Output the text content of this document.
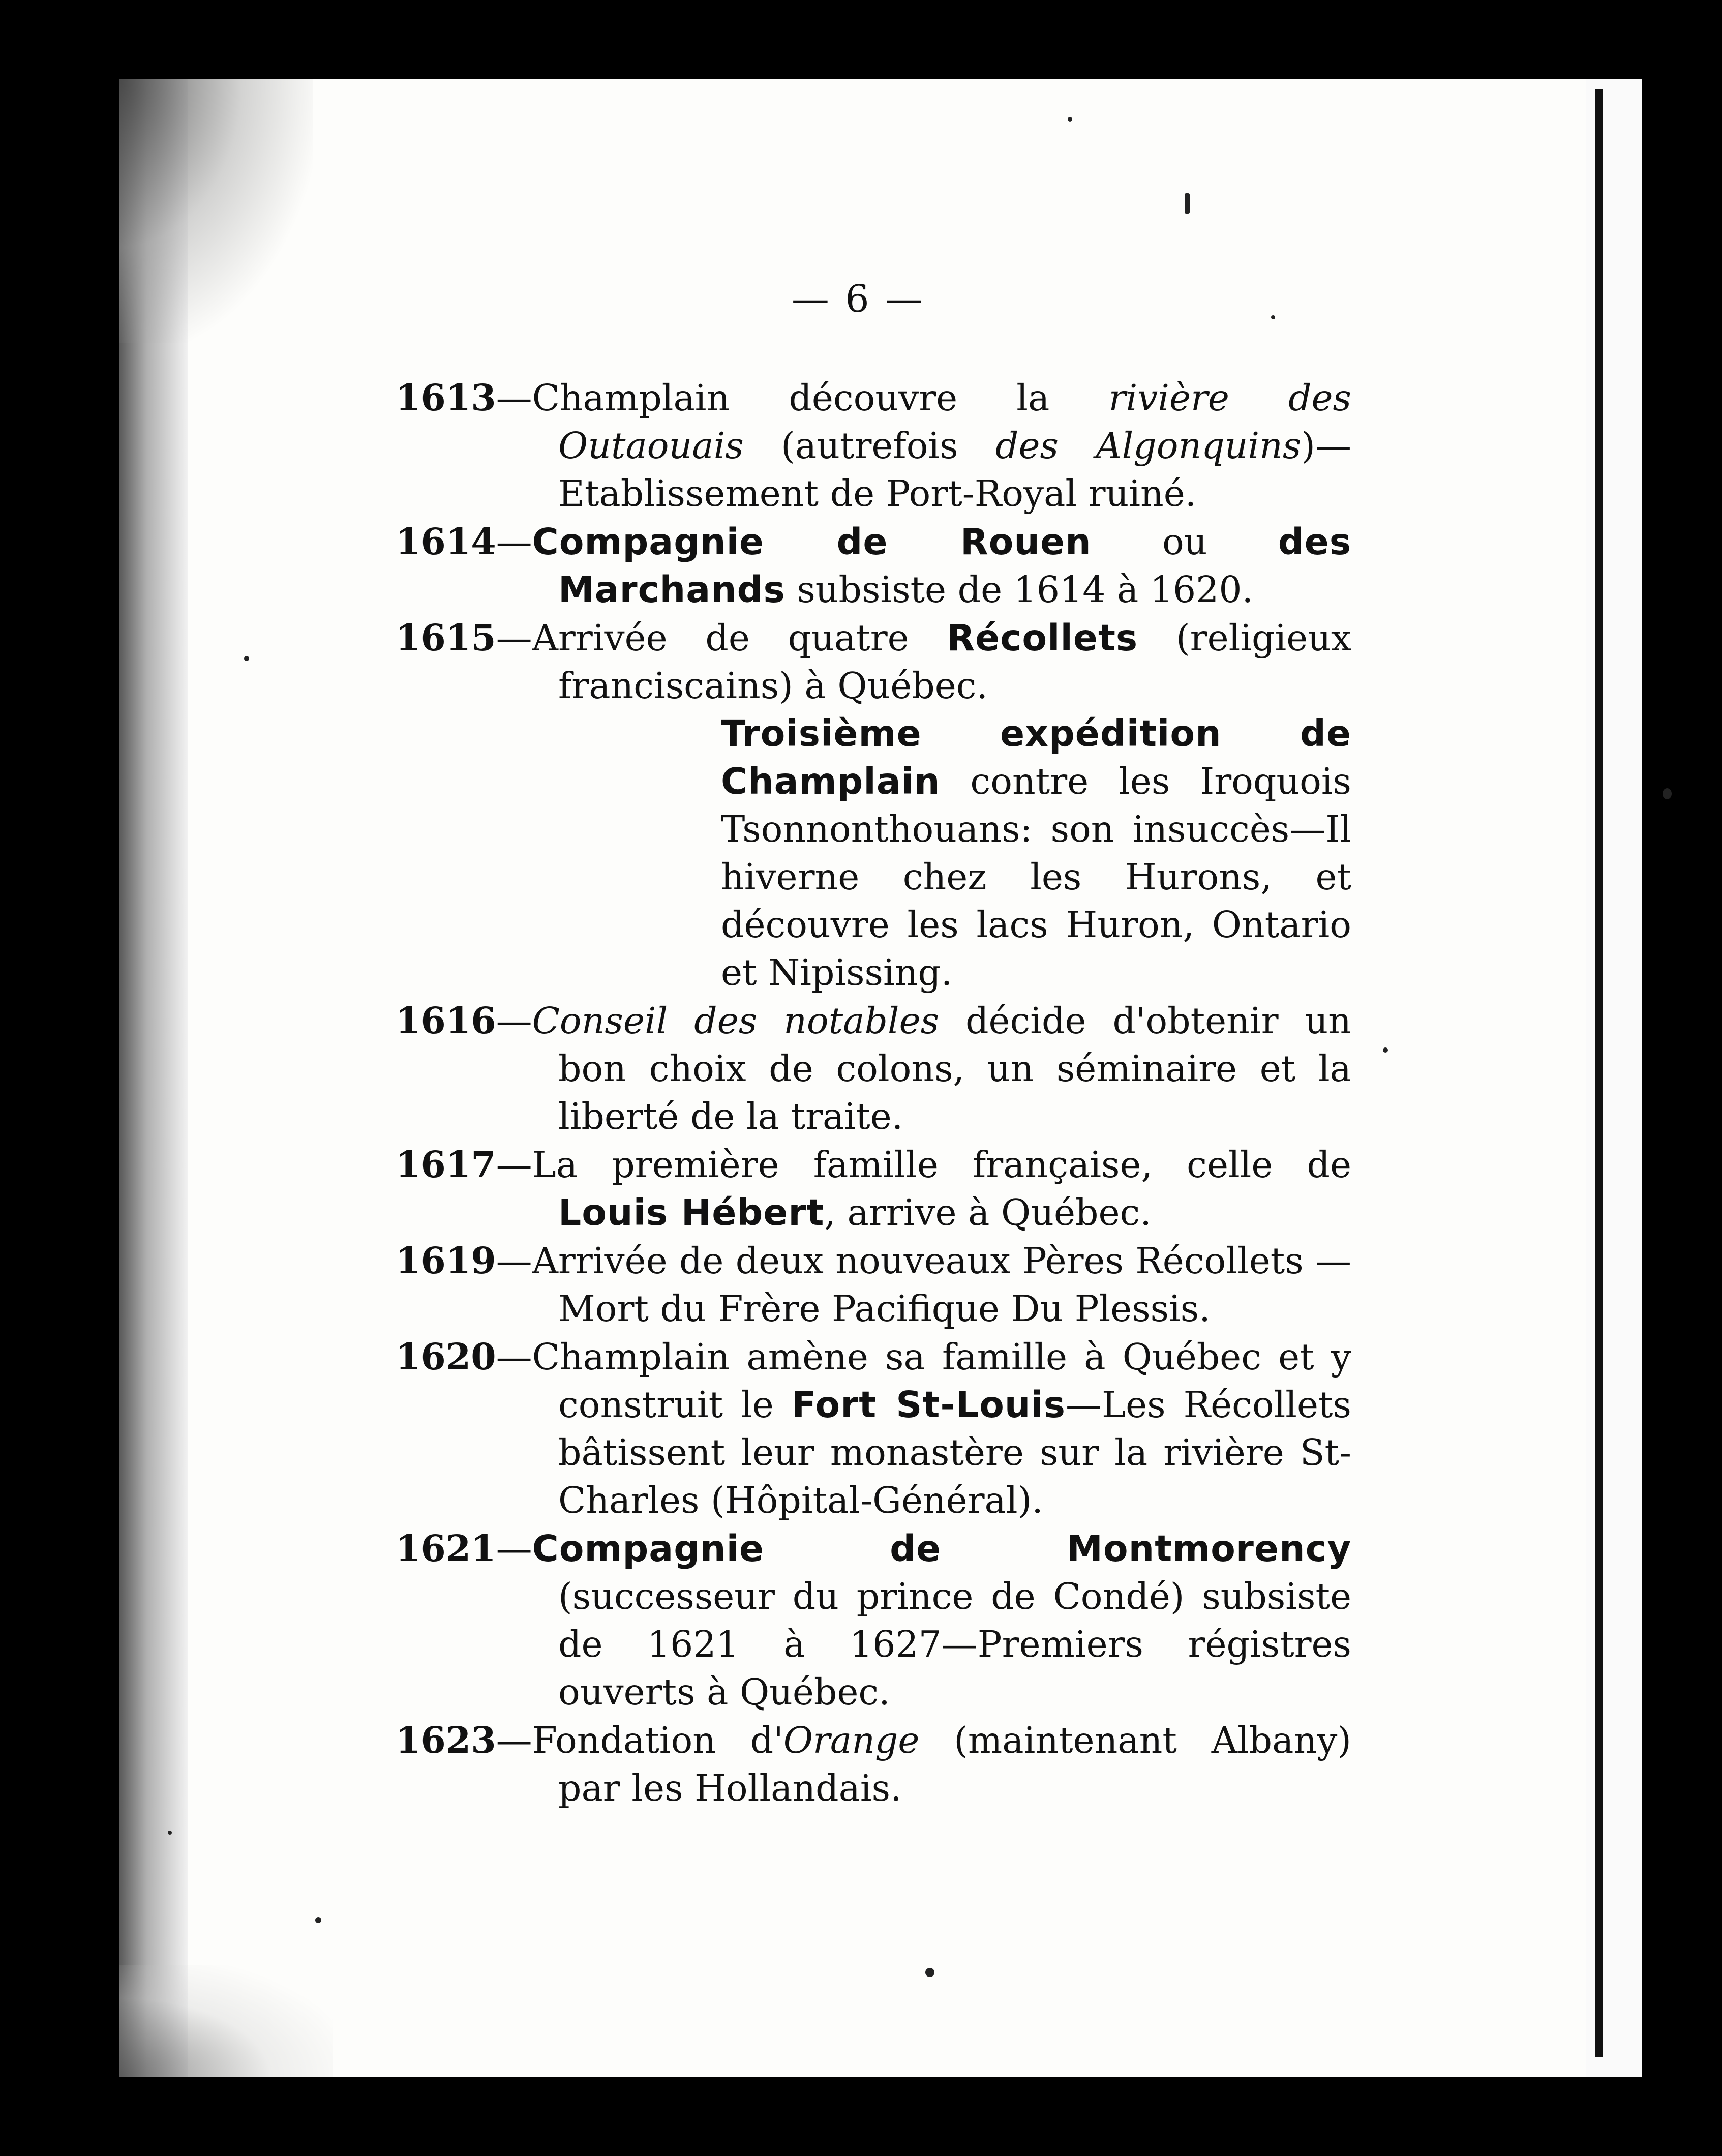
— 6 —
1613—Champlain découvre la rivière des Outaouais (autrefois des Algonquins)—Etablissement de Port-Royal ruiné.
1614—Compagnie de Rouen ou des Marchands subsiste de 1614 à 1620.
1615—Arrivée de quatre Récollets (religieux franciscains) à Québec.
Troisième expédition de Champlain contre les Iroquois Tsonnonthouans: son insuccès—Il hiverne chez les Hurons, et découvre les lacs Huron, Ontario et Nipissing.
1616—Conseil des notables décide d'obtenir un bon choix de colons, un séminaire et la liberté de la traite.
1617—La première famille française, celle de Louis Hébert, arrive à Québec.
1619—Arrivée de deux nouveaux Pères Récollets —Mort du Frère Pacifique Du Plessis.
1620—Champlain amène sa famille à Québec et y construit le Fort St-Louis—Les Récollets bâtissent leur monastère sur la rivière St-Charles (Hôpital-Général).
1621—Compagnie de Montmorency (successeur du prince de Condé) subsiste de 1621 à 1627—Premiers régistres ouverts à Québec.
1623—Fondation d'Orange (maintenant Albany) par les Hollandais.
